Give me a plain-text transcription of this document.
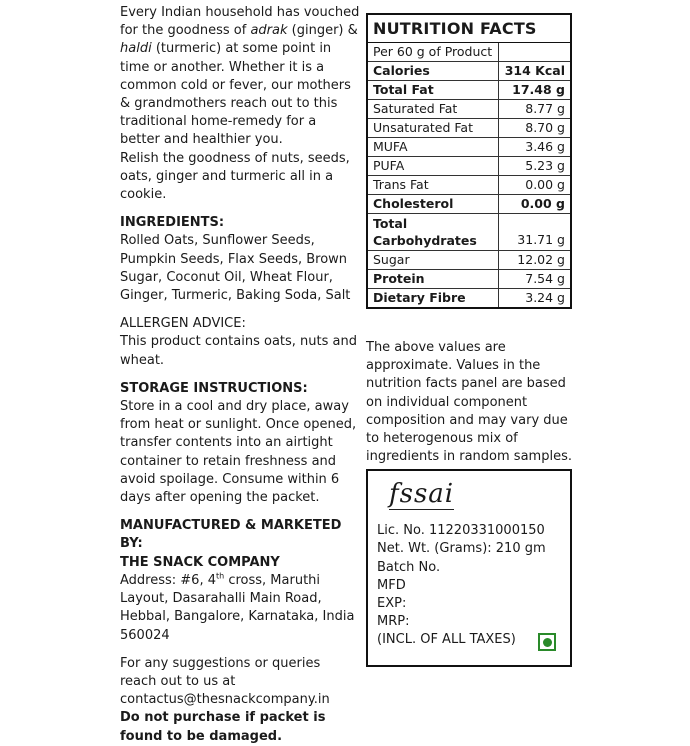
Every Indian household has vouched for the goodness of adrak (ginger) & haldi (turmeric) at some point in time or another. Whether it is a common cold or fever, our mothers & grandmothers reach out to this traditional home-remedy for a better and healthier you.

Relish the goodness of nuts, seeds, oats, ginger and turmeric all in a cookie.

INGREDIENTS:

Rolled Oats, Sunflower Seeds, Pumpkin Seeds, Flax Seeds, Brown Sugar, Coconut Oil, Wheat Flour, Ginger, Turmeric, Baking Soda, Salt

ALLERGEN ADVICE:

This product contains oats, nuts and wheat.

STORAGE INSTRUCTIONS:

Store in a cool and dry place, away from heat or sunlight. Once opened, transfer contents into an airtight container to retain freshness and avoid spoilage. Consume within 6 days after opening the packet.

MANUFACTURED & MARKETED BY:

THE SNACK COMPANY

Address: #6, 4th cross, Maruthi Layout, Dasarahalli Main Road, Hebbal, Bangalore, Karnataka, India 560024

For any suggestions or queries reach out to us at

contactus@thesnackcompany.in

Do not purchase if packet is found to be damaged.

NUTRITION FACTS
Per 60 g of Product	
Calories	314 Kcal
Total Fat	17.48 g
Saturated Fat	8.77 g
Unsaturated Fat	8.70 g
MUFA	3.46 g
PUFA	5.23 g
Trans Fat	0.00 g
Cholesterol	0.00 g
Total
Carbohydrates	31.71 g
Sugar	12.02 g
Protein	7.54 g
Dietary Fibre	3.24 g

The above values are approximate. Values in the nutrition facts panel are based on individual component composition and may vary due to heterogenous mix of ingredients in random samples.

fssai

Lic. No. 11220331000150

Net. Wt. (Grams): 210 gm

Batch No.

MFD

EXP:

MRP:

(INCL. OF ALL TAXES)
